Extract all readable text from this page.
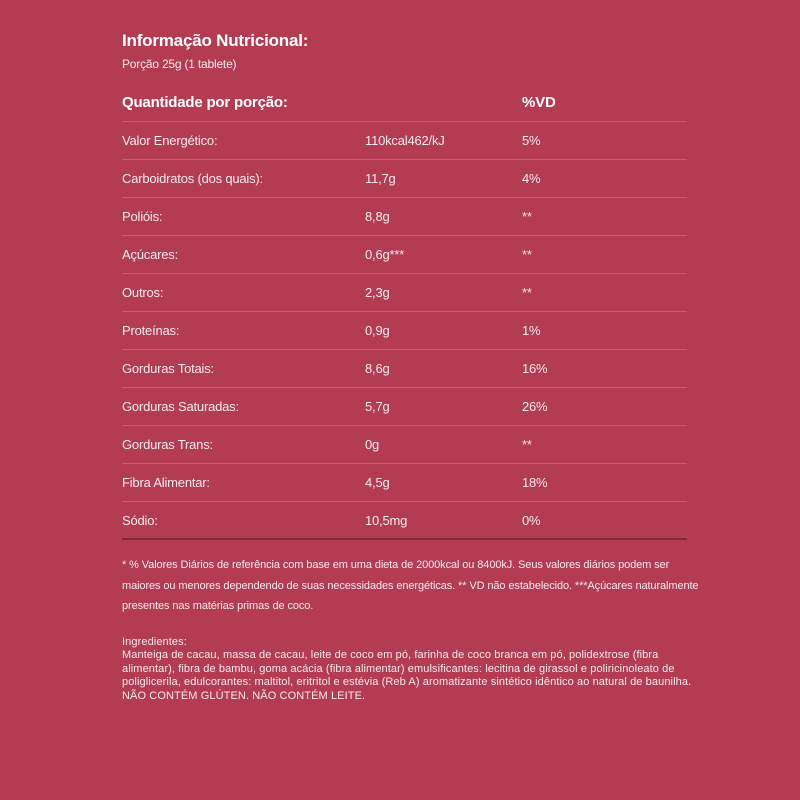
Informação Nutricional:
Porção 25g (1 tablete)
Quantidade por porção:	%VD
Valor Energético:	110kcal462/kJ	5%
Carboidratos (dos quais):	11,7g	4%
Polióis:	8,8g	**
Açúcares:	0,6g***	**
Outros:	2,3g	**
Proteínas:	0,9g	1%
Gorduras Totais:	8,6g	16%
Gorduras Saturadas:	5,7g	26%
Gorduras Trans:	0g	**
Fibra Alimentar:	4,5g	18%
Sódio:	10,5mg	0%
* % Valores Diários de referência com base em uma dieta de 2000kcal ou 8400kJ. Seus valores diários podem ser maiores ou menores dependendo de suas necessidades energéticas. ** VD não estabelecido. ***Açúcares naturalmente presentes nas matérias primas de coco.
Ingredientes:
Manteiga de cacau, massa de cacau, leite de coco em pó, farinha de coco branca em pó, polidextrose (fibra alimentar), fibra de bambu, goma acácia (fibra alimentar) emulsificantes: lecitina de girassol e poliricinoleato de poliglicerila, edulcorantes: maltitol, eritritol e estévia (Reb A) aromatizante sintético idêntico ao natural de baunilha.
NÃO CONTÉM GLÚTEN. NÃO CONTÉM LEITE.
